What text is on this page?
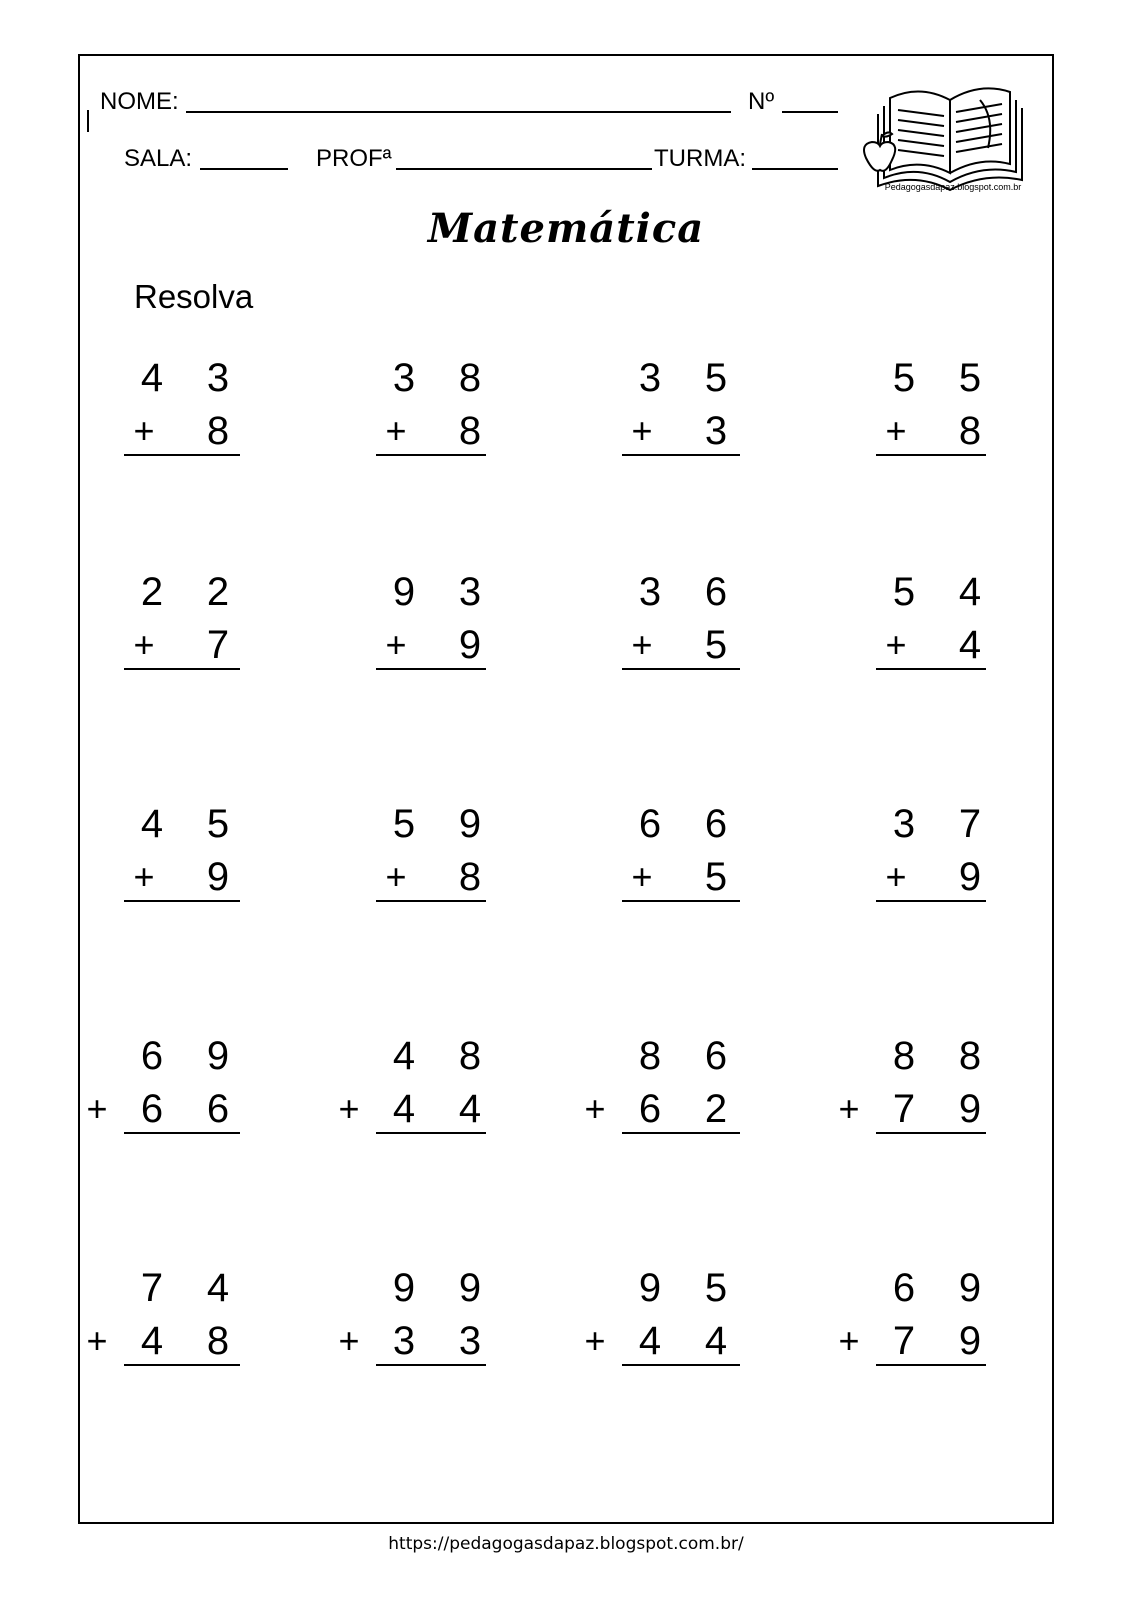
NOME:	Nº
SALA:	PROFª	TURMA:
Pedagogasdapaz.blogspot.com.br
Matemática
Resolva
4 3
+ 8
3 8
+ 8
3 5
+ 3
5 5
+ 8
2 2
+ 7
9 3
+ 9
3 6
+ 5
5 4
+ 4
4 5
+ 9
5 9
+ 8
6 6
+ 5
3 7
+ 9
6 9
+ 6 6
4 8
+ 4 4
8 6
+ 6 2
8 8
+ 7 9
7 4
+ 4 8
9 9
+ 3 3
9 5
+ 4 4
6 9
+ 7 9
https://pedagogasdapaz.blogspot.com.br/
